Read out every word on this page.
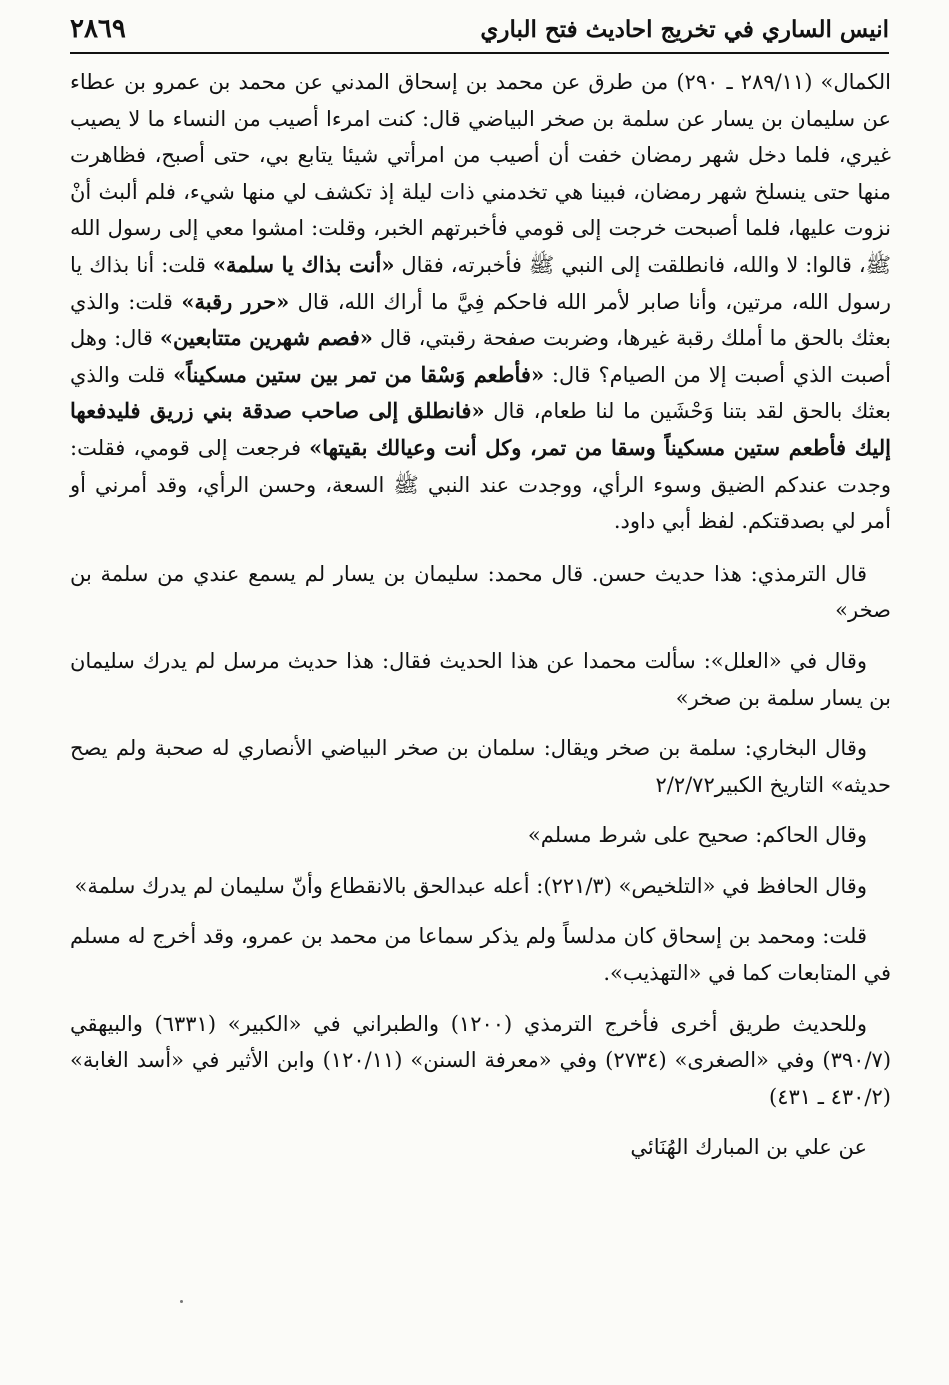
انيس الساري في تخريج احاديث فتح الباري
٢٨٦٩

الكمال» (٢٨٩/١١ ـ ٢٩٠) من طرق عن محمد بن إسحاق المدني عن محمد بن عمرو بن عطاء عن سليمان بن يسار عن سلمة بن صخر البياضي قال: كنت امرءا أصيب من النساء ما لا يصيب غيري، فلما دخل شهر رمضان خفت أن أصيب من امرأتي شيئا يتابع بي، حتى أصبح، فظاهرت منها حتى ينسلخ شهر رمضان، فبينا هي تخدمني ذات ليلة إذ تكشف لي منها شيء، فلم ألبث أنْ نزوت عليها، فلما أصبحت خرجت إلى قومي فأخبرتهم الخبر، وقلت: امشوا معي إلى رسول الله ﷺ، قالوا: لا والله، فانطلقت إلى النبي ﷺ فأخبرته، فقال «أنت بذاك يا سلمة» قلت: أنا بذاك يا رسول الله، مرتين، وأنا صابر لأمر الله فاحكم فِيَّ ما أراك الله، قال «حرر رقبة» قلت: والذي بعثك بالحق ما أملك رقبة غيرها، وضربت صفحة رقبتي، قال «فصم شهرين متتابعين» قال: وهل أصبت الذي أصبت إلا من الصيام؟ قال: «فأطعم وَسْقا من تمر بين ستين مسكيناً» قلت والذي بعثك بالحق لقد بتنا وَحْشَين ما لنا طعام، قال «فانطلق إلى صاحب صدقة بني زريق فليدفعها إليك فأطعم ستين مسكيناً وسقا من تمر، وكل أنت وعيالك بقيتها» فرجعت إلى قومي، فقلت: وجدت عندكم الضيق وسوء الرأي، ووجدت عند النبي ﷺ السعة، وحسن الرأي، وقد أمرني أو أمر لي بصدقتكم. لفظ أبي داود.

قال الترمذي: هذا حديث حسن. قال محمد: سليمان بن يسار لم يسمع عندي من سلمة بن صخر»

وقال في «العلل»: سألت محمدا عن هذا الحديث فقال: هذا حديث مرسل لم يدرك سليمان بن يسار سلمة بن صخر»

وقال البخاري: سلمة بن صخر ويقال: سلمان بن صخر البياضي الأنصاري له صحبة ولم يصح حديثه» التاريخ الكبير٢/٢/٧٢

وقال الحاكم: صحيح على شرط مسلم»

وقال الحافظ في «التلخيص» (٢٢١/٣): أعله عبدالحق بالانقطاع وأنّ سليمان لم يدرك سلمة»

قلت: ومحمد بن إسحاق كان مدلساً ولم يذكر سماعا من محمد بن عمرو، وقد أخرج له مسلم في المتابعات كما في «التهذيب».

وللحديث طريق أخرى فأخرج الترمذي (١٢٠٠) والطبراني في «الكبير» (٦٣٣١) والبيهقي (٣٩٠/٧) وفي «الصغرى» (٢٧٣٤) وفي «معرفة السنن» (١٢٠/١١) وابن الأثير في «أسد الغابة» (٤٣٠/٢ ـ ٤٣١)

عن علي بن المبارك الهُنَائي
